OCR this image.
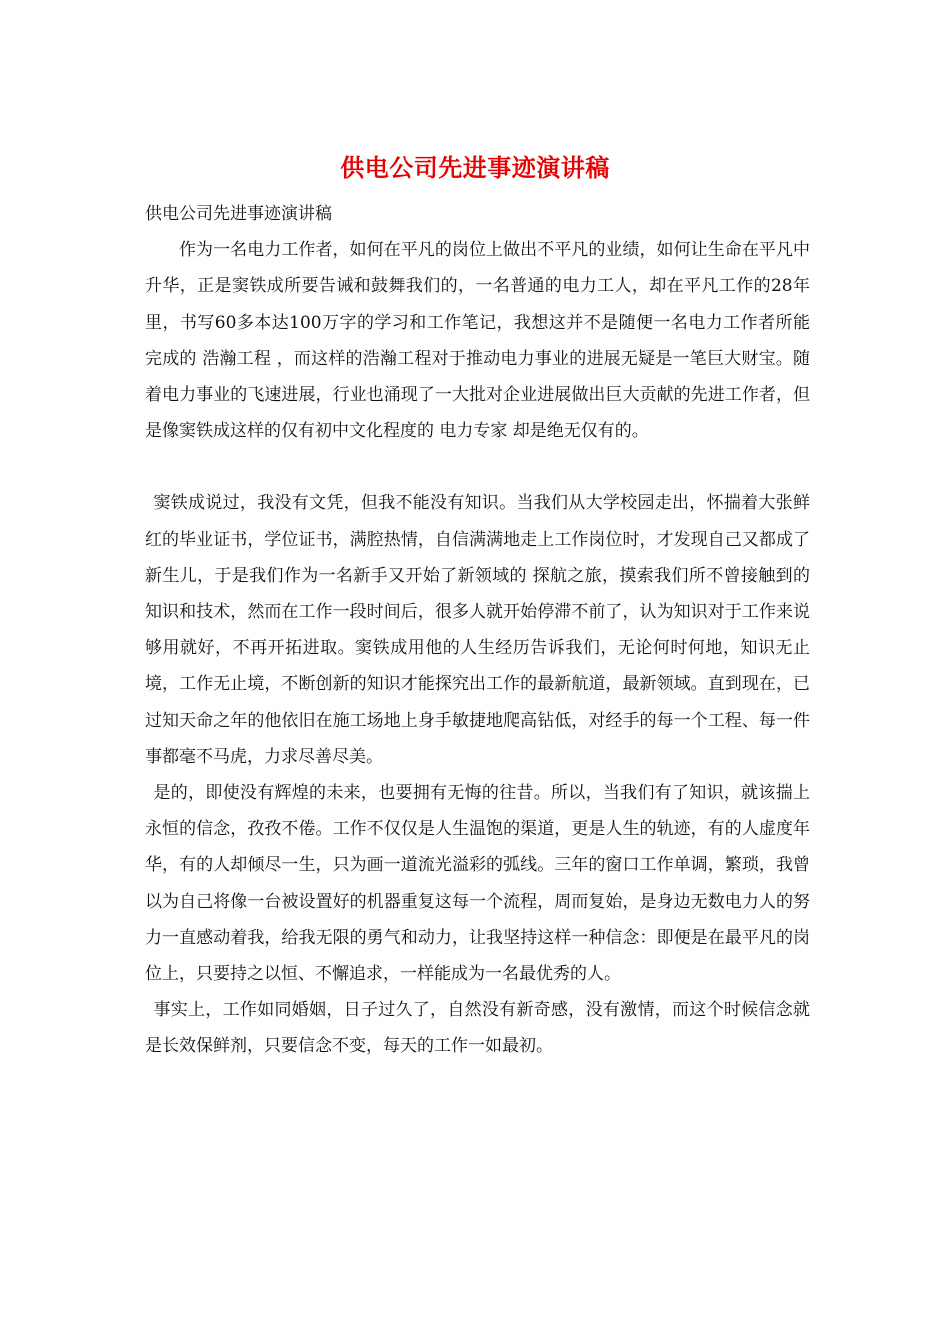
供电公司先进事迹演讲稿

供电公司先进事迹演讲稿

作为一名电力工作者，如何在平凡的岗位上做出不平凡的业绩，如何让生命在平凡中升华，正是窦铁成所要告诫和鼓舞我们的，一名普通的电力工人，却在平凡工作的28年里，书写60多本达100万字的学习和工作笔记，我想这并不是随便一名电力工作者所能完成的 浩瀚工程 ，而这样的浩瀚工程对于推动电力事业的进展无疑是一笔巨大财宝。随着电力事业的飞速进展，行业也涌现了一大批对企业进展做出巨大贡献的先进工作者，但是像窦铁成这样的仅有初中文化程度的 电力专家 却是绝无仅有的。

窦铁成说过，我没有文凭，但我不能没有知识。当我们从大学校园走出，怀揣着大张鲜红的毕业证书，学位证书，满腔热情，自信满满地走上工作岗位时，才发现自己又都成了新生儿，于是我们作为一名新手又开始了新领域的 探航之旅，摸索我们所不曾接触到的知识和技术，然而在工作一段时间后，很多人就开始停滞不前了，认为知识对于工作来说够用就好，不再开拓进取。窦铁成用他的人生经历告诉我们，无论何时何地，知识无止境，工作无止境，不断创新的知识才能探究出工作的最新航道，最新领域。直到现在，已过知天命之年的他依旧在施工场地上身手敏捷地爬高钻低，对经手的每一个工程、每一件事都毫不马虎，力求尽善尽美。

是的，即使没有辉煌的未来，也要拥有无悔的往昔。所以，当我们有了知识，就该揣上永恒的信念，孜孜不倦。工作不仅仅是人生温饱的渠道，更是人生的轨迹，有的人虚度年华，有的人却倾尽一生，只为画一道流光溢彩的弧线。三年的窗口工作单调，繁琐，我曾以为自己将像一台被设置好的机器重复这每一个流程，周而复始，是身边无数电力人的努力一直感动着我，给我无限的勇气和动力，让我坚持这样一种信念：即便是在最平凡的岗位上，只要持之以恒、不懈追求，一样能成为一名最优秀的人。

事实上，工作如同婚姻，日子过久了，自然没有新奇感，没有激情，而这个时候信念就是长效保鲜剂，只要信念不变，每天的工作一如最初。
